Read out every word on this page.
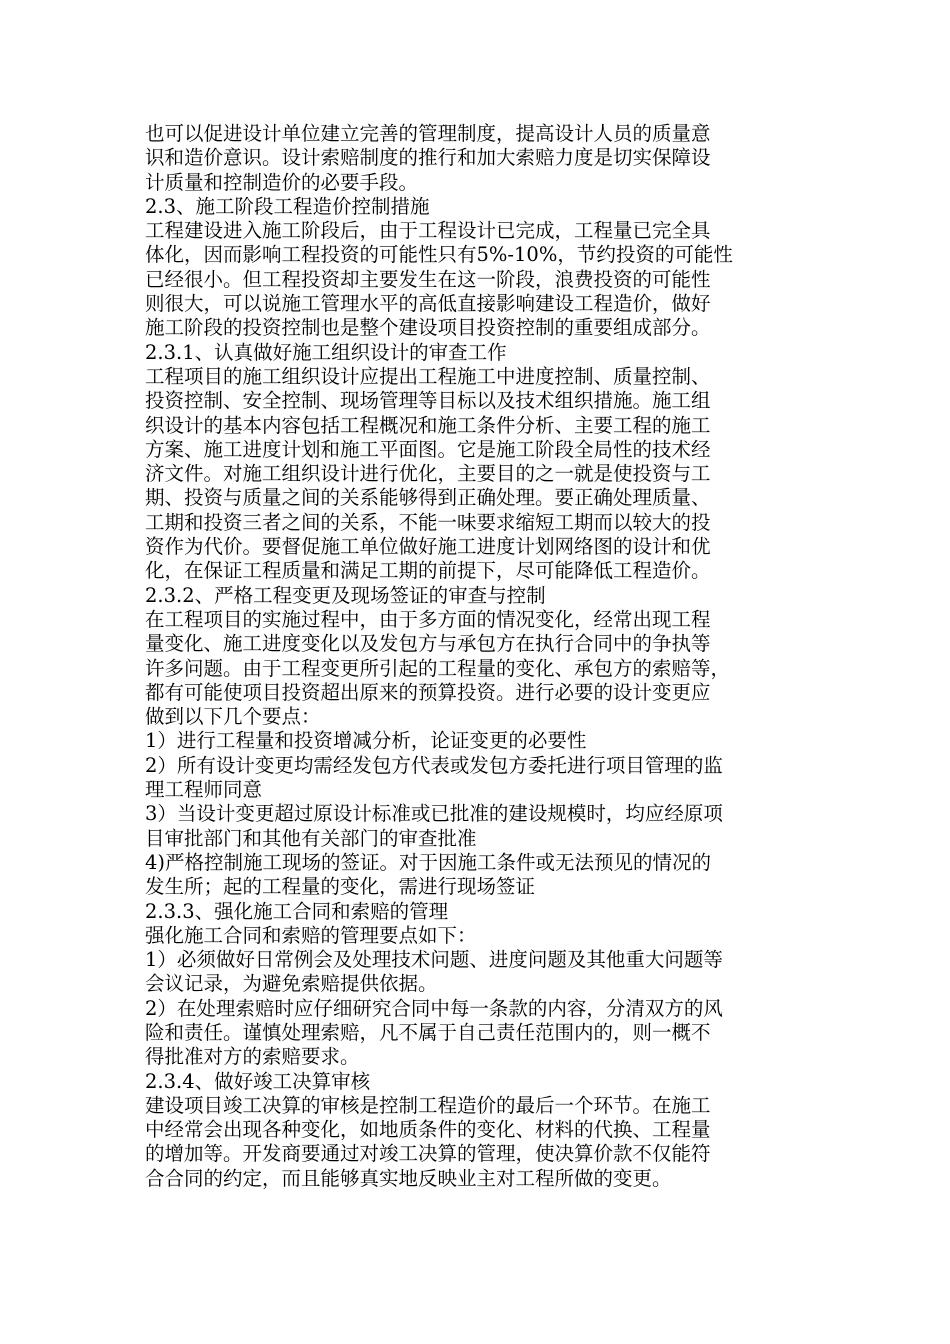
也可以促进设计单位建立完善的管理制度，提高设计人员的质量意
识和造价意识。设计索赔制度的推行和加大索赔力度是切实保障设
计质量和控制造价的必要手段。
2.3、施工阶段工程造价控制措施
工程建设进入施工阶段后，由于工程设计已完成，工程量已完全具
体化，因而影响工程投资的可能性只有5%-10%，节约投资的可能性
已经很小。但工程投资却主要发生在这一阶段，浪费投资的可能性
则很大，可以说施工管理水平的高低直接影响建设工程造价，做好
施工阶段的投资控制也是整个建设项目投资控制的重要组成部分。
2.3.1、认真做好施工组织设计的审查工作
工程项目的施工组织设计应提出工程施工中进度控制、质量控制、
投资控制、安全控制、现场管理等目标以及技术组织措施。施工组
织设计的基本内容包括工程概况和施工条件分析、主要工程的施工
方案、施工进度计划和施工平面图。它是施工阶段全局性的技术经
济文件。对施工组织设计进行优化，主要目的之一就是使投资与工
期、投资与质量之间的关系能够得到正确处理。要正确处理质量、
工期和投资三者之间的关系，不能一味要求缩短工期而以较大的投
资作为代价。要督促施工单位做好施工进度计划网络图的设计和优
化，在保证工程质量和满足工期的前提下，尽可能降低工程造价。
2.3.2、严格工程变更及现场签证的审查与控制
在工程项目的实施过程中，由于多方面的情况变化，经常出现工程
量变化、施工进度变化以及发包方与承包方在执行合同中的争执等
许多问题。由于工程变更所引起的工程量的变化、承包方的索赔等，
都有可能使项目投资超出原来的预算投资。进行必要的设计变更应
做到以下几个要点：
1）进行工程量和投资增减分析，论证变更的必要性
2）所有设计变更均需经发包方代表或发包方委托进行项目管理的监
理工程师同意
3）当设计变更超过原设计标准或已批准的建设规模时，均应经原项
目审批部门和其他有关部门的审查批准
4)严格控制施工现场的签证。对于因施工条件或无法预见的情况的
发生所；起的工程量的变化，需进行现场签证
2.3.3、强化施工合同和索赔的管理
强化施工合同和索赔的管理要点如下：
1）必须做好日常例会及处理技术问题、进度问题及其他重大问题等
会议记录，为避免索赔提供依据。
2）在处理索赔时应仔细研究合同中每一条款的内容，分清双方的风
险和责任。谨慎处理索赔，凡不属于自己责任范围内的，则一概不
得批准对方的索赔要求。
2.3.4、做好竣工决算审核
建设项目竣工决算的审核是控制工程造价的最后一个环节。在施工
中经常会出现各种变化，如地质条件的变化、材料的代换、工程量
的增加等。开发商要通过对竣工决算的管理，使决算价款不仅能符
合合同的约定，而且能够真实地反映业主对工程所做的变更。
